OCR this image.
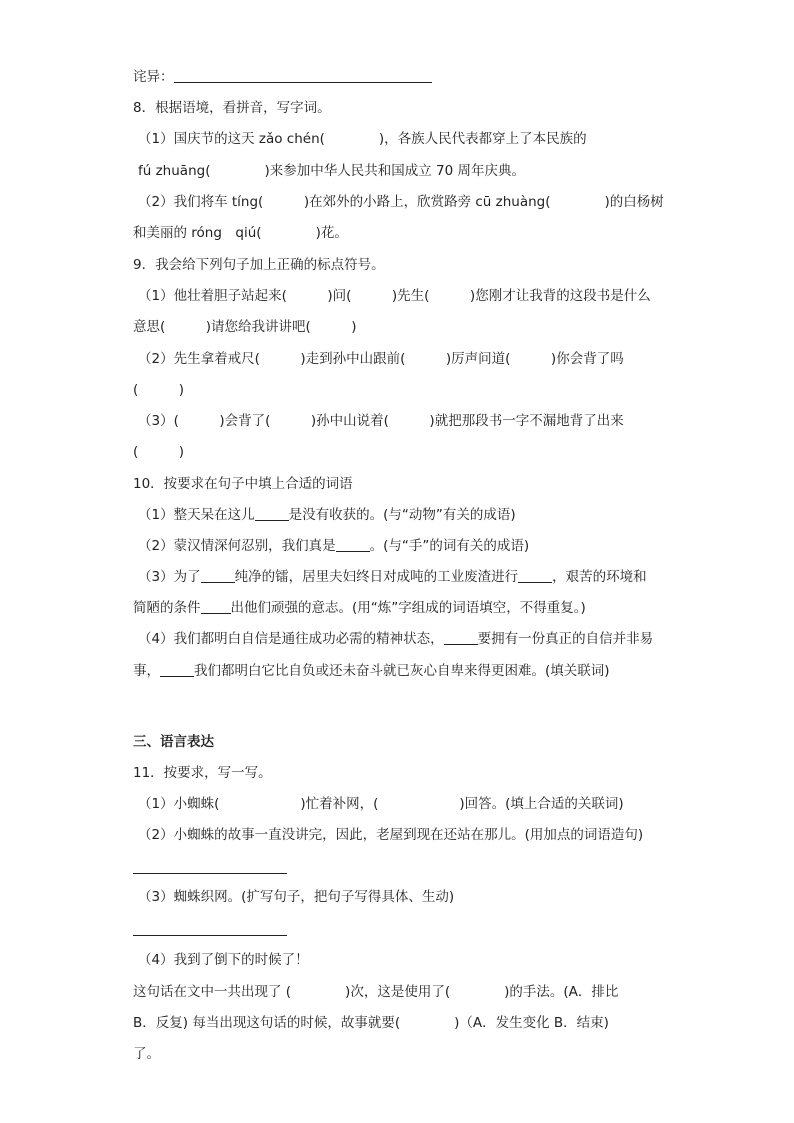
诧异：
8．根据语境，看拼音，写字词。
（1）国庆节的这天 zǎo chén(　　　　)，各族人民代表都穿上了本民族的
fú zhuāng(　　　　)来参加中华人民共和国成立 70 周年庆典。
（2）我们将车 tíng(　　　)在郊外的小路上，欣赏路旁 cū zhuàng(　　　　)的白杨树
和美丽的 róng　qiú(　　　　)花。
9．我会给下列句子加上正确的标点符号。
（1）他壮着胆子站起来(　　　)问(　　　)先生(　　　)您刚才让我背的这段书是什么
意思(　　　)请您给我讲讲吧(　　　)
（2）先生拿着戒尺(　　　)走到孙中山跟前(　　　)厉声问道(　　　)你会背了吗
(　　　)
（3）(　　　)会背了(　　　)孙中山说着(　　　)就把那段书一字不漏地背了出来
(　　　)
10．按要求在句子中填上合适的词语
（1）整天呆在这儿	是没有收获的。(与“动物”有关的成语)
（2）蒙汉情深何忍别，我们真是	。(与“手”的词有关的成语)
（3）为了	纯净的镭，居里夫妇终日对成吨的工业废渣进行	，艰苦的环境和
简陋的条件 出他们顽强的意志。(用“炼”字组成的词语填空，不得重复。)
（4）我们都明白自信是通往成功必需的精神状态，	要拥有一份真正的自信并非易
事，	我们都明白它比自负或还未奋斗就已灰心自卑来得更困难。(填关联词)
三、语言表达
11．按要求，写一写。
（1）小蜘蛛(　　　　　　)忙着补网，(　　　　　　)回答。(填上合适的关联词)
（2）小蜘蛛的故事一直没讲完，因此，老屋到现在还站在那儿。(用加点的词语造句)
（3）蜘蛛织网。(扩写句子，把句子写得具体、生动)
（4）我到了倒下的时候了！
这句话在文中一共出现了 (　　　　)次，这是使用了(　　　　)的手法。(A．排比
B．反复) 每当出现这句话的时候，故事就要(　　　　)（A．发生变化 B．结束)
了。
